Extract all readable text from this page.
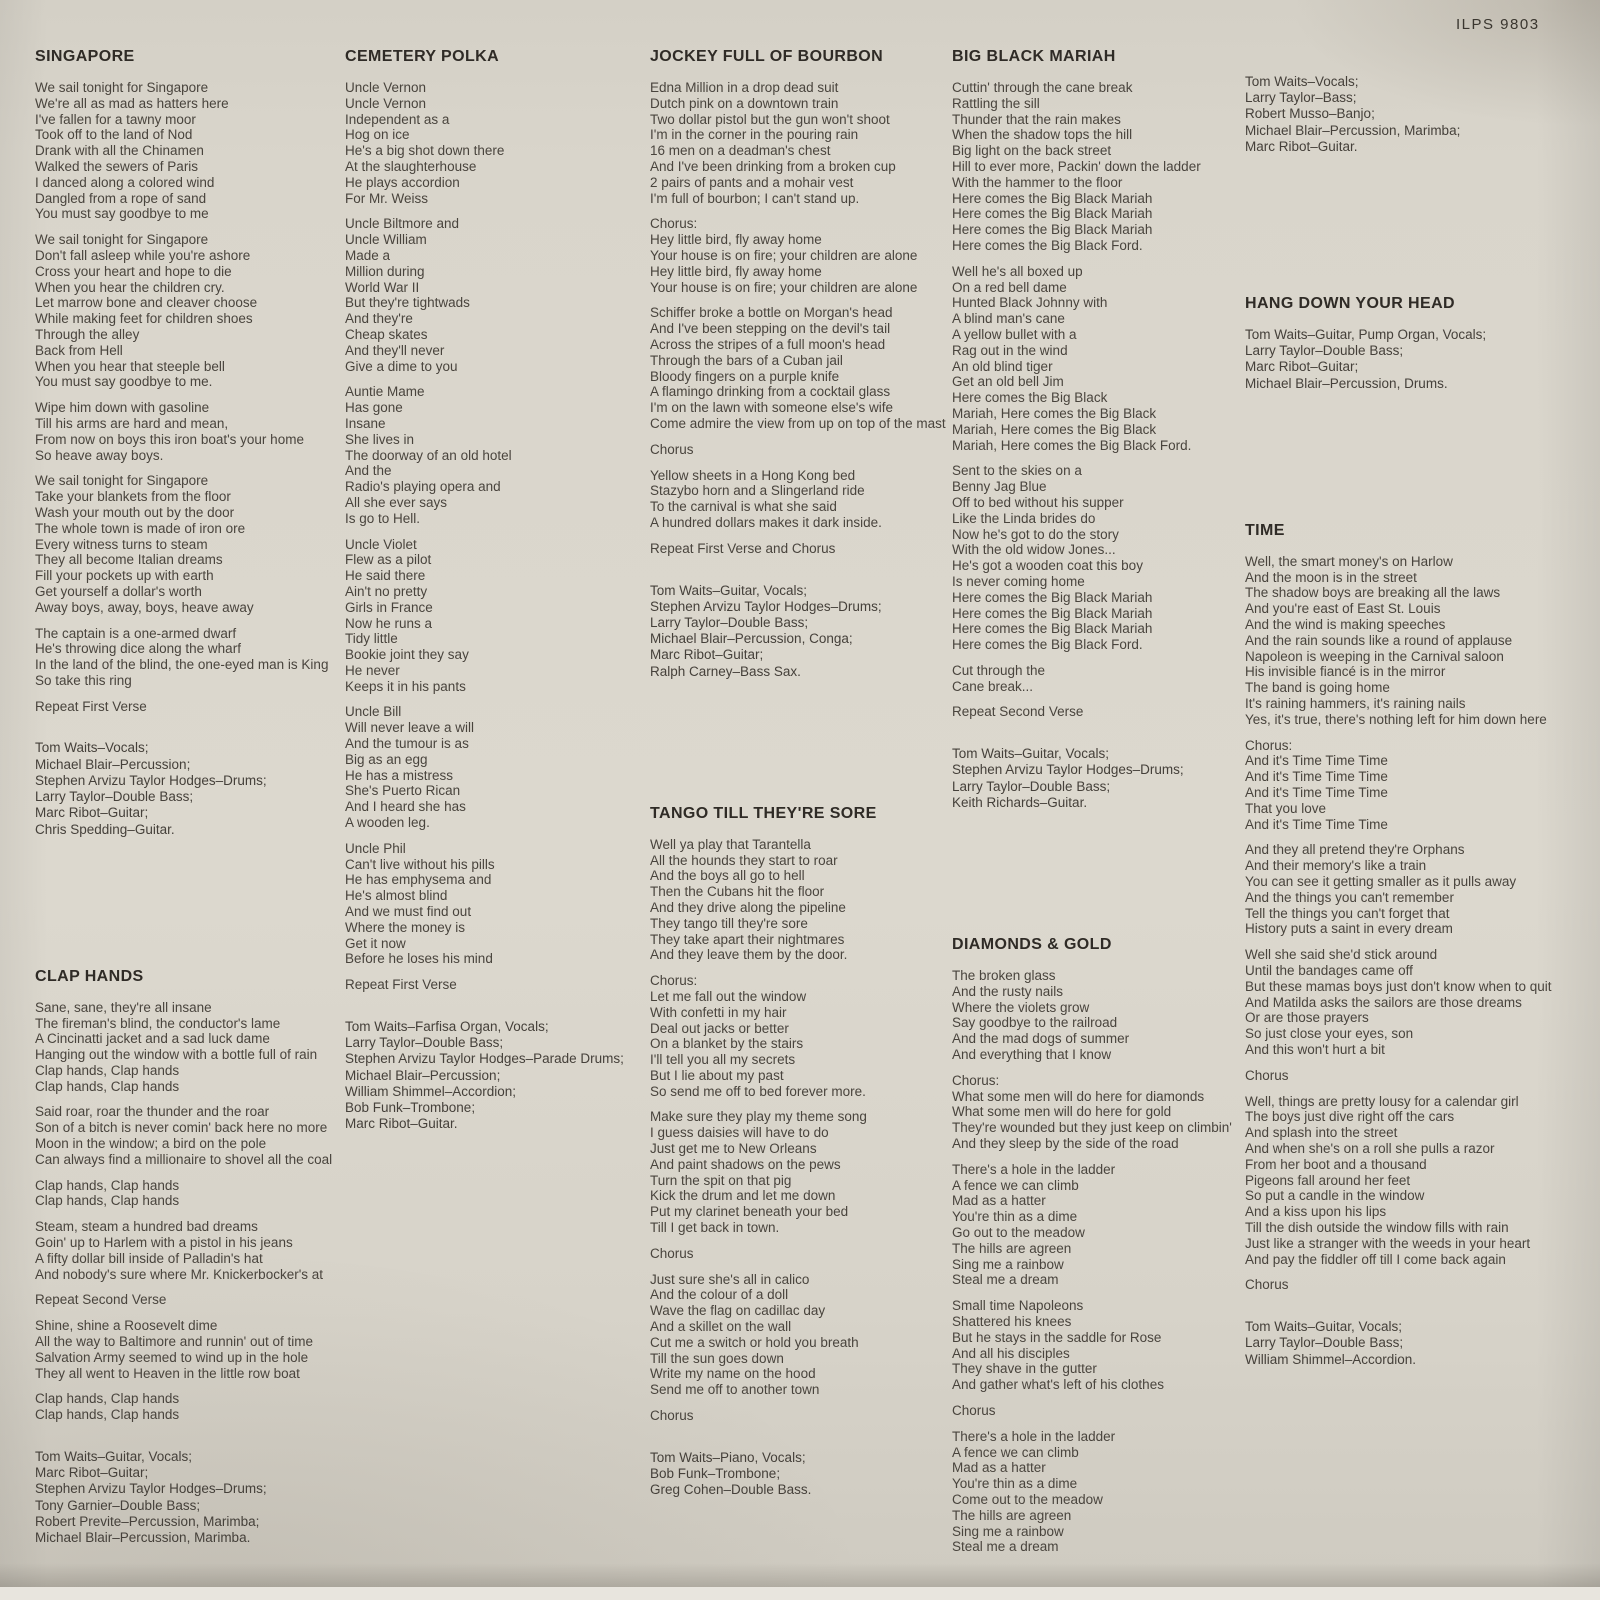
ILPS 9803
SINGAPORE

We sail tonight for Singapore
We're all as mad as hatters here
I've fallen for a tawny moor
Took off to the land of Nod
Drank with all the Chinamen
Walked the sewers of Paris
I danced along a colored wind
Dangled from a rope of sand
You must say goodbye to me

We sail tonight for Singapore
Don't fall asleep while you're ashore
Cross your heart and hope to die
When you hear the children cry.
Let marrow bone and cleaver choose
While making feet for children shoes
Through the alley
Back from Hell
When you hear that steeple bell
You must say goodbye to me.

Wipe him down with gasoline
Till his arms are hard and mean,
From now on boys this iron boat's your home
So heave away boys.

We sail tonight for Singapore
Take your blankets from the floor
Wash your mouth out by the door
The whole town is made of iron ore
Every witness turns to steam
They all become Italian dreams
Fill your pockets up with earth
Get yourself a dollar's worth
Away boys, away, boys, heave away

The captain is a one-armed dwarf
He's throwing dice along the wharf
In the land of the blind, the one-eyed man is King
So take this ring

Repeat First Verse

Tom Waits–Vocals;
Michael Blair–Percussion;
Stephen Arvizu Taylor Hodges–Drums;
Larry Taylor–Double Bass;
Marc Ribot–Guitar;
Chris Spedding–Guitar.

CLAP HANDS

Sane, sane, they're all insane
The fireman's blind, the conductor's lame
A Cincinatti jacket and a sad luck dame
Hanging out the window with a bottle full of rain
Clap hands, Clap hands
Clap hands, Clap hands

Said roar, roar the thunder and the roar
Son of a bitch is never comin' back here no more
Moon in the window; a bird on the pole
Can always find a millionaire to shovel all the coal

Clap hands, Clap hands
Clap hands, Clap hands

Steam, steam a hundred bad dreams
Goin' up to Harlem with a pistol in his jeans
A fifty dollar bill inside of Palladin's hat
And nobody's sure where Mr. Knickerbocker's at

Repeat Second Verse

Shine, shine a Roosevelt dime
All the way to Baltimore and runnin' out of time
Salvation Army seemed to wind up in the hole
They all went to Heaven in the little row boat

Clap hands, Clap hands
Clap hands, Clap hands

Tom Waits–Guitar, Vocals;
Marc Ribot–Guitar;
Stephen Arvizu Taylor Hodges–Drums;
Tony Garnier–Double Bass;
Robert Previte–Percussion, Marimba;
Michael Blair–Percussion, Marimba.

CEMETERY POLKA

Uncle Vernon
Uncle Vernon
Independent as a
Hog on ice
He's a big shot down there
At the slaughterhouse
He plays accordion
For Mr. Weiss

Uncle Biltmore and
Uncle William
Made a
Million during
World War II
But they're tightwads
And they're
Cheap skates
And they'll never
Give a dime to you

Auntie Mame
Has gone
Insane
She lives in
The doorway of an old hotel
And the
Radio's playing opera and
All she ever says
Is go to Hell.

Uncle Violet
Flew as a pilot
He said there
Ain't no pretty
Girls in France
Now he runs a
Tidy little
Bookie joint they say
He never
Keeps it in his pants

Uncle Bill
Will never leave a will
And the tumour is as
Big as an egg
He has a mistress
She's Puerto Rican
And I heard she has
A wooden leg.

Uncle Phil
Can't live without his pills
He has emphysema and
He's almost blind
And we must find out
Where the money is
Get it now
Before he loses his mind

Repeat First Verse

Tom Waits–Farfisa Organ, Vocals;
Larry Taylor–Double Bass;
Stephen Arvizu Taylor Hodges–Parade Drums;
Michael Blair–Percussion;
William Shimmel–Accordion;
Bob Funk–Trombone;
Marc Ribot–Guitar.

JOCKEY FULL OF BOURBON

Edna Million in a drop dead suit
Dutch pink on a downtown train
Two dollar pistol but the gun won't shoot
I'm in the corner in the pouring rain
16 men on a deadman's chest
And I've been drinking from a broken cup
2 pairs of pants and a mohair vest
I'm full of bourbon; I can't stand up.

Chorus:
Hey little bird, fly away home
Your house is on fire; your children are alone
Hey little bird, fly away home
Your house is on fire; your children are alone

Schiffer broke a bottle on Morgan's head
And I've been stepping on the devil's tail
Across the stripes of a full moon's head
Through the bars of a Cuban jail
Bloody fingers on a purple knife
A flamingo drinking from a cocktail glass
I'm on the lawn with someone else's wife
Come admire the view from up on top of the mast

Chorus

Yellow sheets in a Hong Kong bed
Stazybo horn and a Slingerland ride
To the carnival is what she said
A hundred dollars makes it dark inside.

Repeat First Verse and Chorus

Tom Waits–Guitar, Vocals;
Stephen Arvizu Taylor Hodges–Drums;
Larry Taylor–Double Bass;
Michael Blair–Percussion, Conga;
Marc Ribot–Guitar;
Ralph Carney–Bass Sax.

TANGO TILL THEY'RE SORE

Well ya play that Tarantella
All the hounds they start to roar
And the boys all go to hell
Then the Cubans hit the floor
And they drive along the pipeline
They tango till they're sore
They take apart their nightmares
And they leave them by the door.

Chorus:
Let me fall out the window
With confetti in my hair
Deal out jacks or better
On a blanket by the stairs
I'll tell you all my secrets
But I lie about my past
So send me off to bed forever more.

Make sure they play my theme song
I guess daisies will have to do
Just get me to New Orleans
And paint shadows on the pews
Turn the spit on that pig
Kick the drum and let me down
Put my clarinet beneath your bed
Till I get back in town.

Chorus

Just sure she's all in calico
And the colour of a doll
Wave the flag on cadillac day
And a skillet on the wall
Cut me a switch or hold you breath
Till the sun goes down
Write my name on the hood
Send me off to another town

Chorus

Tom Waits–Piano, Vocals;
Bob Funk–Trombone;
Greg Cohen–Double Bass.

BIG BLACK MARIAH

Cuttin' through the cane break
Rattling the sill
Thunder that the rain makes
When the shadow tops the hill
Big light on the back street
Hill to ever more, Packin' down the ladder
With the hammer to the floor
Here comes the Big Black Mariah
Here comes the Big Black Mariah
Here comes the Big Black Mariah
Here comes the Big Black Ford.

Well he's all boxed up
On a red bell dame
Hunted Black Johnny with
A blind man's cane
A yellow bullet with a
Rag out in the wind
An old blind tiger
Get an old bell Jim
Here comes the Big Black
Mariah, Here comes the Big Black
Mariah, Here comes the Big Black
Mariah, Here comes the Big Black Ford.

Sent to the skies on a
Benny Jag Blue
Off to bed without his supper
Like the Linda brides do
Now he's got to do the story
With the old widow Jones...
He's got a wooden coat this boy
Is never coming home
Here comes the Big Black Mariah
Here comes the Big Black Mariah
Here comes the Big Black Mariah
Here comes the Big Black Ford.

Cut through the
Cane break...

Repeat Second Verse

Tom Waits–Guitar, Vocals;
Stephen Arvizu Taylor Hodges–Drums;
Larry Taylor–Double Bass;
Keith Richards–Guitar.

DIAMONDS & GOLD

The broken glass
And the rusty nails
Where the violets grow
Say goodbye to the railroad
And the mad dogs of summer
And everything that I know

Chorus:
What some men will do here for diamonds
What some men will do here for gold
They're wounded but they just keep on climbin'
And they sleep by the side of the road

There's a hole in the ladder
A fence we can climb
Mad as a hatter
You're thin as a dime
Go out to the meadow
The hills are agreen
Sing me a rainbow
Steal me a dream

Small time Napoleons
Shattered his knees
But he stays in the saddle for Rose
And all his disciples
They shave in the gutter
And gather what's left of his clothes

Chorus

There's a hole in the ladder
A fence we can climb
Mad as a hatter
You're thin as a dime
Come out to the meadow
The hills are agreen
Sing me a rainbow
Steal me a dream

Tom Waits–Vocals;
Larry Taylor–Bass;
Robert Musso–Banjo;
Michael Blair–Percussion, Marimba;
Marc Ribot–Guitar.

HANG DOWN YOUR HEAD

Tom Waits–Guitar, Pump Organ, Vocals;
Larry Taylor–Double Bass;
Marc Ribot–Guitar;
Michael Blair–Percussion, Drums.

TIME

Well, the smart money's on Harlow
And the moon is in the street
The shadow boys are breaking all the laws
And you're east of East St. Louis
And the wind is making speeches
And the rain sounds like a round of applause
Napoleon is weeping in the Carnival saloon
His invisible fiancé is in the mirror
The band is going home
It's raining hammers, it's raining nails
Yes, it's true, there's nothing left for him down here

Chorus:
And it's Time Time Time
And it's Time Time Time
And it's Time Time Time
That you love
And it's Time Time Time

And they all pretend they're Orphans
And their memory's like a train
You can see it getting smaller as it pulls away
And the things you can't remember
Tell the things you can't forget that
History puts a saint in every dream

Well she said she'd stick around
Until the bandages came off
But these mamas boys just don't know when to quit
And Matilda asks the sailors are those dreams
Or are those prayers
So just close your eyes, son
And this won't hurt a bit

Chorus

Well, things are pretty lousy for a calendar girl
The boys just dive right off the cars
And splash into the street
And when she's on a roll she pulls a razor
From her boot and a thousand
Pigeons fall around her feet
So put a candle in the window
And a kiss upon his lips
Till the dish outside the window fills with rain
Just like a stranger with the weeds in your heart
And pay the fiddler off till I come back again

Chorus

Tom Waits–Guitar, Vocals;
Larry Taylor–Double Bass;
William Shimmel–Accordion.
